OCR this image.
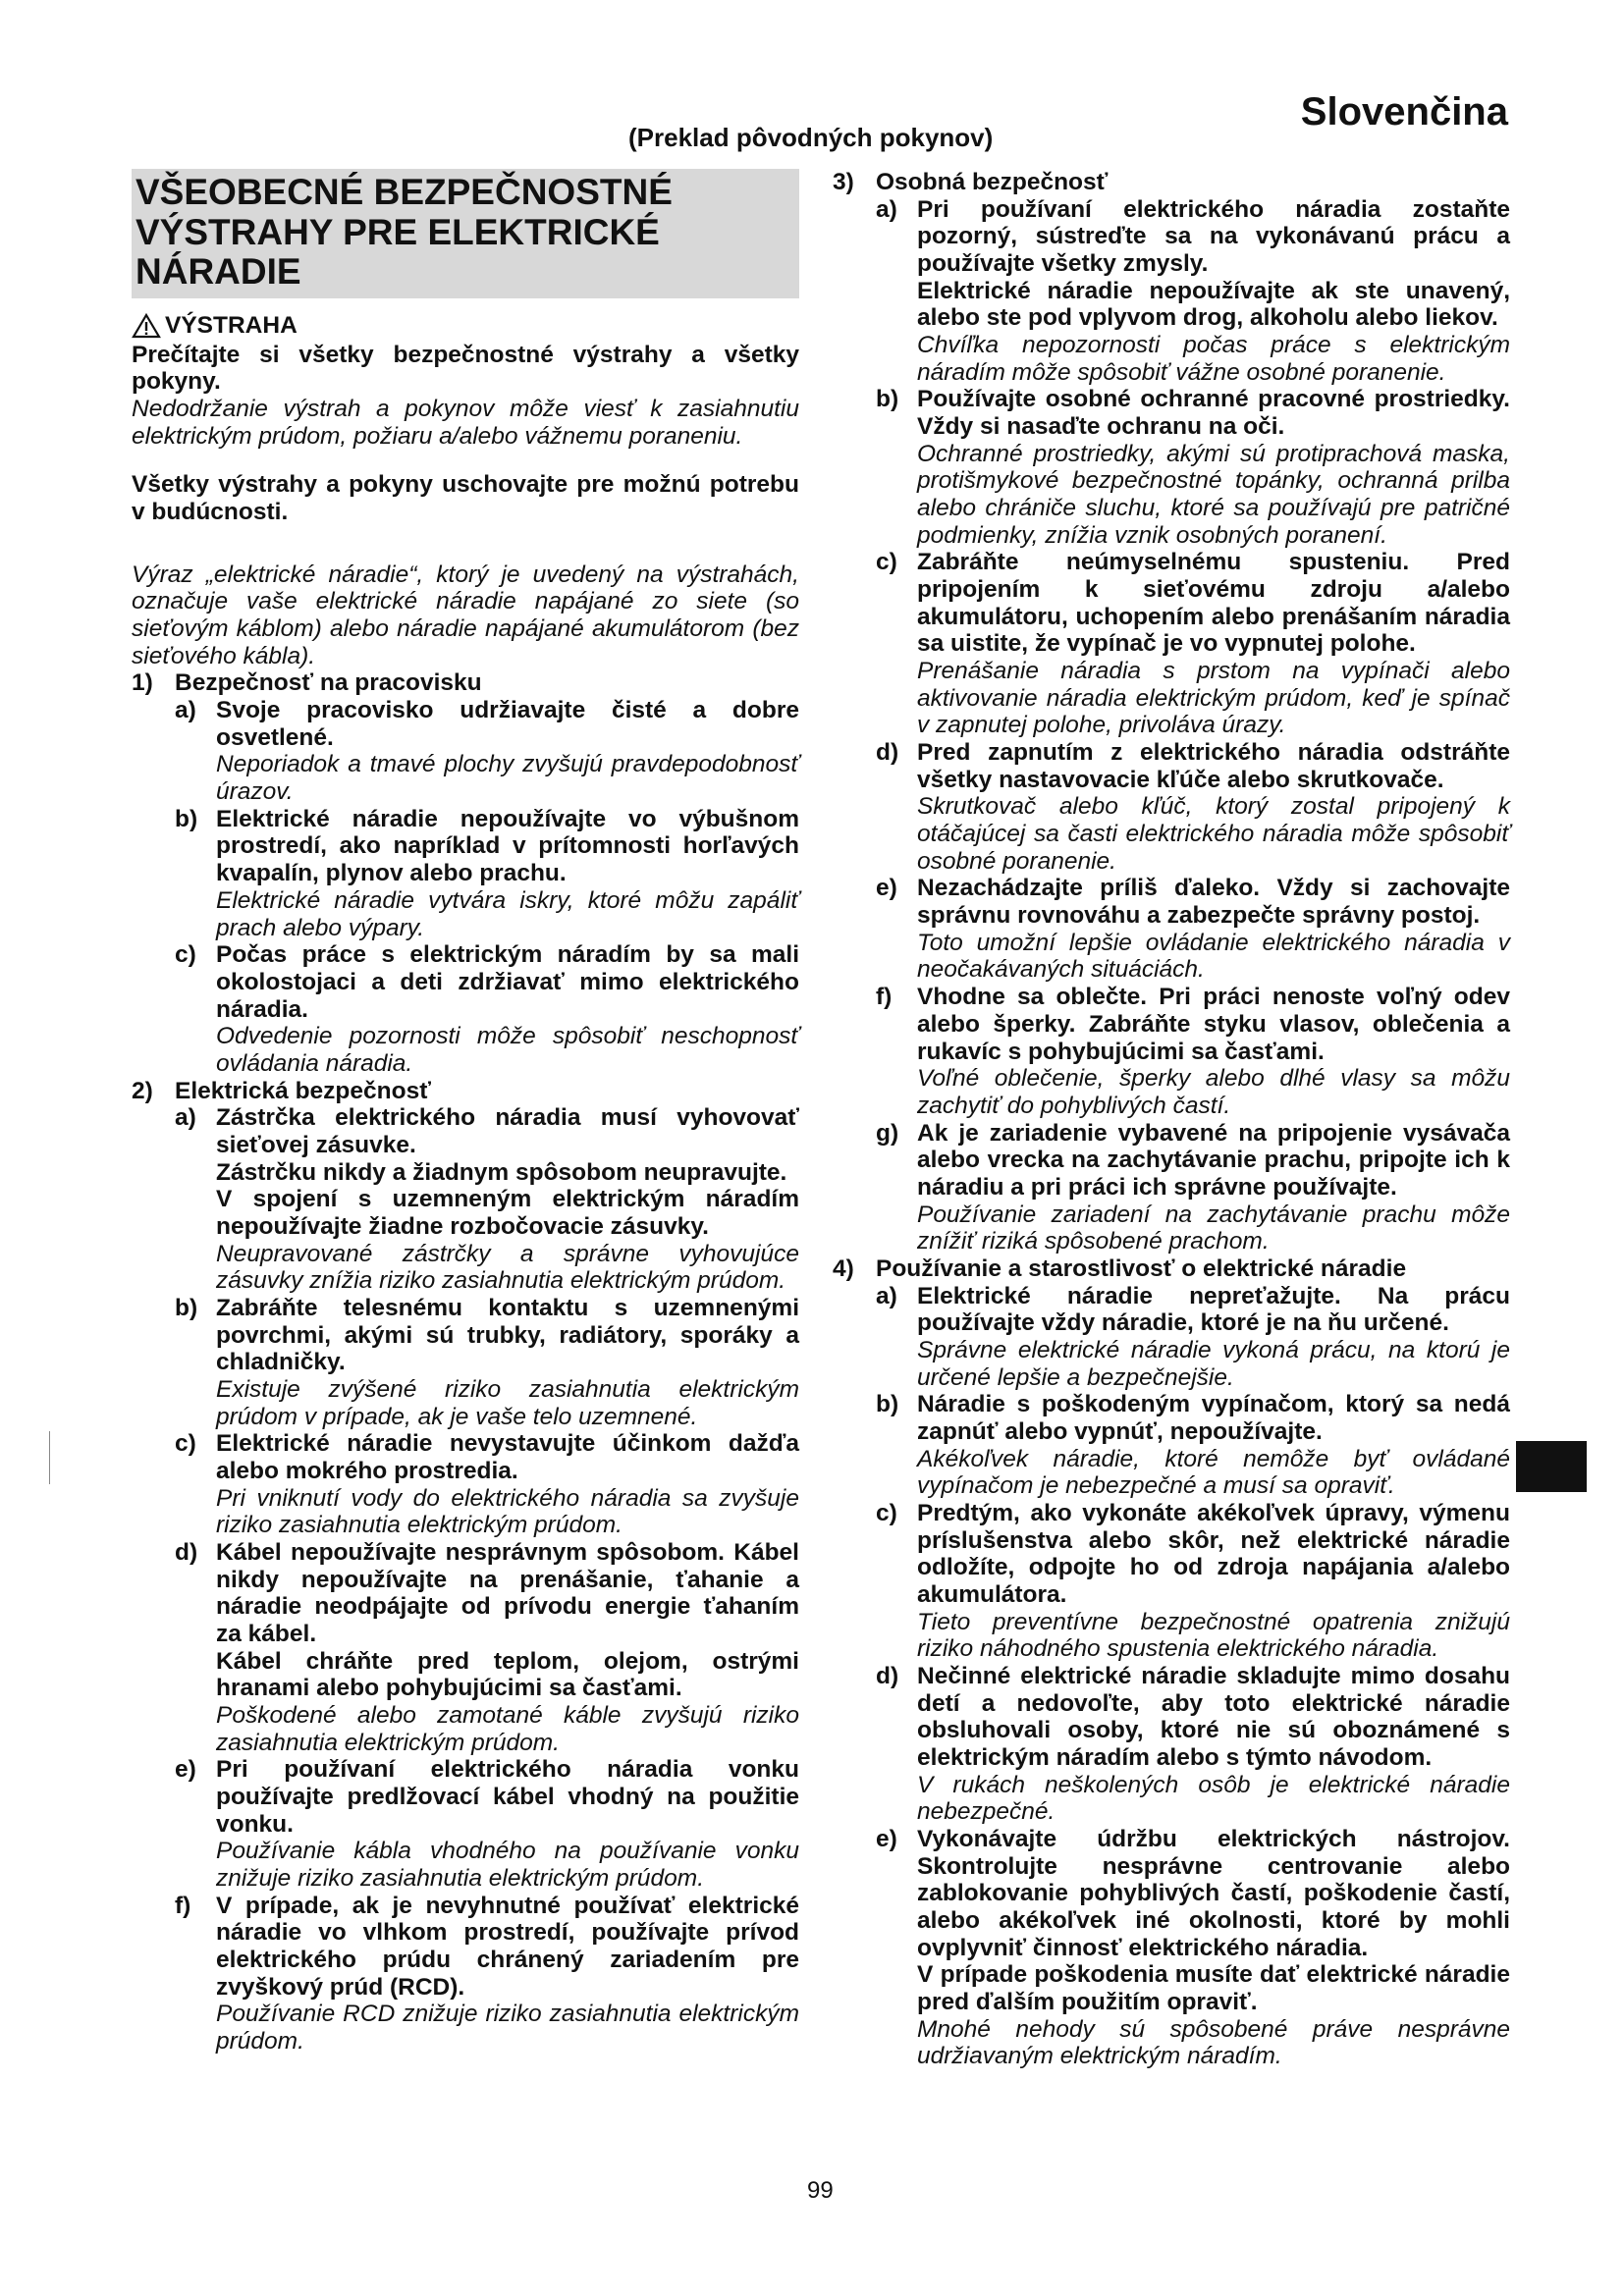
Slovenčina
(Preklad pôvodných pokynov)
VŠEOBECNÉ BEZPEČNOSTNÉ VÝSTRAHY PRE ELEKTRICKÉ NÁRADIE
VÝSTRAHA

Prečítajte si všetky bezpečnostné výstrahy a všetky pokyny.

Nedodržanie výstrah a pokynov môže viesť k zasiahnutiu elektrickým prúdom, požiaru a/alebo vážnemu poraneniu.

Všetky výstrahy a pokyny uschovajte pre možnú potrebu v budúcnosti.

Výraz „elektrické náradie“, ktorý je uvedený na výstrahách, označuje vaše elektrické náradie napájané zo siete (so sieťovým káblom) alebo náradie napájané akumulátorom (bez sieťového kábla).

1) Bezpečnosť na pracovisku

a) Svoje pracovisko udržiavajte čisté a dobre osvetlené.

Neporiadok a tmavé plochy zvyšujú pravdepodobnosť úrazov.

b) Elektrické náradie nepoužívajte vo výbušnom prostredí, ako napríklad v prítomnosti horľavých kvapalín, plynov alebo prachu.

Elektrické náradie vytvára iskry, ktoré môžu zapáliť prach alebo výpary.

c) Počas práce s elektrickým náradím by sa mali okolostojaci a deti zdržiavať mimo elektrického náradia.

Odvedenie pozornosti môže spôsobiť neschopnosť ovládania náradia.

2) Elektrická bezpečnosť

a) Zástrčka elektrického náradia musí vyhovovať sieťovej zásuvke.

Zástrčku nikdy a žiadnym spôsobom neupravujte.

V spojení s uzemneným elektrickým náradím nepoužívajte žiadne rozbočovacie zásuvky.

Neupravované zástrčky a správne vyhovujúce zásuvky znížia riziko zasiahnutia elektrickým prúdom.

b) Zabráňte telesnému kontaktu s uzemnenými povrchmi, akými sú trubky, radiátory, sporáky a chladničky.

Existuje zvýšené riziko zasiahnutia elektrickým prúdom v prípade, ak je vaše telo uzemnené.

c) Elektrické náradie nevystavujte účinkom dažďa alebo mokrého prostredia.

Pri vniknutí vody do elektrického náradia sa zvyšuje riziko zasiahnutia elektrickým prúdom.

d) Kábel nepoužívajte nesprávnym spôsobom. Kábel nikdy nepoužívajte na prenášanie, ťahanie a náradie neodpájajte od prívodu energie ťahaním za kábel.

Kábel chráňte pred teplom, olejom, ostrými hranami alebo pohybujúcimi sa časťami.

Poškodené alebo zamotané káble zvyšujú riziko zasiahnutia elektrickým prúdom.

e) Pri používaní elektrického náradia vonku používajte predlžovací kábel vhodný na použitie vonku.

Používanie kábla vhodného na používanie vonku znižuje riziko zasiahnutia elektrickým prúdom.

f)	V prípade, ak je nevyhnutné používať elektrické náradie vo vlhkom prostredí, používajte prívod elektrického prúdu chránený zariadením pre zvyškový prúd (RCD).

Používanie RCD znižuje riziko zasiahnutia elektrickým prúdom.

3) Osobná bezpečnosť

a) Pri používaní elektrického náradia zostaňte pozorný, sústreďte sa na vykonávanú prácu a používajte všetky zmysly.

Elektrické náradie nepoužívajte ak ste unavený, alebo ste pod vplyvom drog, alkoholu alebo liekov.

Chvíľka nepozornosti počas práce s elektrickým náradím môže spôsobiť vážne osobné poranenie.

b) Používajte osobné ochranné pracovné prostriedky. Vždy si nasaďte ochranu na oči.

Ochranné prostriedky, akými sú protiprachová maska, protišmykové bezpečnostné topánky, ochranná prilba alebo chrániče sluchu, ktoré sa používajú pre patričné podmienky, znížia vznik osobných poranení.

c) Zabráňte neúmyselnému spusteniu. Pred pripojením k sieťovému zdroju a/alebo akumulátoru, uchopením alebo prenášaním náradia sa uistite, že vypínač je vo vypnutej polohe.

Prenášanie náradia s prstom na vypínači alebo aktivovanie náradia elektrickým prúdom, keď je spínač v zapnutej polohe, privoláva úrazy.

d) Pred zapnutím z elektrického náradia odstráňte všetky nastavovacie kľúče alebo skrutkovače.

Skrutkovač alebo kľúč, ktorý zostal pripojený k otáčajúcej sa časti elektrického náradia môže spôsobiť osobné poranenie.

e) Nezachádzajte príliš ďaleko. Vždy si zachovajte správnu rovnováhu a zabezpečte správny postoj.

Toto umožní lepšie ovládanie elektrického náradia v neočakávaných situáciách.

f)	Vhodne sa oblečte. Pri práci nenoste voľný odev alebo šperky. Zabráňte styku vlasov, oblečenia a rukavíc s pohybujúcimi sa časťami.

Voľné oblečenie, šperky alebo dlhé vlasy sa môžu zachytiť do pohyblivých častí.

g) Ak je zariadenie vybavené na pripojenie vysávača alebo vrecka na zachytávanie prachu, pripojte ich k náradiu a pri práci ich správne používajte.

Používanie zariadení na zachytávanie prachu môže znížiť riziká spôsobené prachom.

4) Používanie a starostlivosť o elektrické náradie

a) Elektrické náradie nepreťažujte. Na prácu používajte vždy náradie, ktoré je na ňu určené.

Správne elektrické náradie vykoná prácu, na ktorú je určené lepšie a bezpečnejšie.

b) Náradie s poškodeným vypínačom, ktorý sa nedá zapnúť alebo vypnúť, nepoužívajte.

Akékoľvek náradie, ktoré nemôže byť ovládané vypínačom je nebezpečné a musí sa opraviť.

c) Predtým, ako vykonáte akékoľvek úpravy, výmenu príslušenstva alebo skôr, než elektrické náradie odložíte, odpojte ho od zdroja napájania a/alebo akumulátora.

Tieto preventívne bezpečnostné opatrenia znižujú riziko náhodného spustenia elektrického náradia.

d) Nečinné elektrické náradie skladujte mimo dosahu detí a nedovoľte, aby toto elektrické náradie obsluhovali osoby, ktoré nie sú oboznámené s elektrickým náradím alebo s týmto návodom.

V rukách neškolených osôb je elektrické náradie nebezpečné.

e) Vykonávajte údržbu elektrických nástrojov. Skontrolujte nesprávne centrovanie alebo zablokovanie pohyblivých častí, poškodenie častí, alebo akékoľvek iné okolnosti, ktoré by mohli ovplyvniť činnosť elektrického náradia.

V prípade poškodenia musíte dať elektrické náradie pred ďalším použitím opraviť.

Mnohé nehody sú spôsobené práve nesprávne udržiavaným elektrickým náradím.

99
